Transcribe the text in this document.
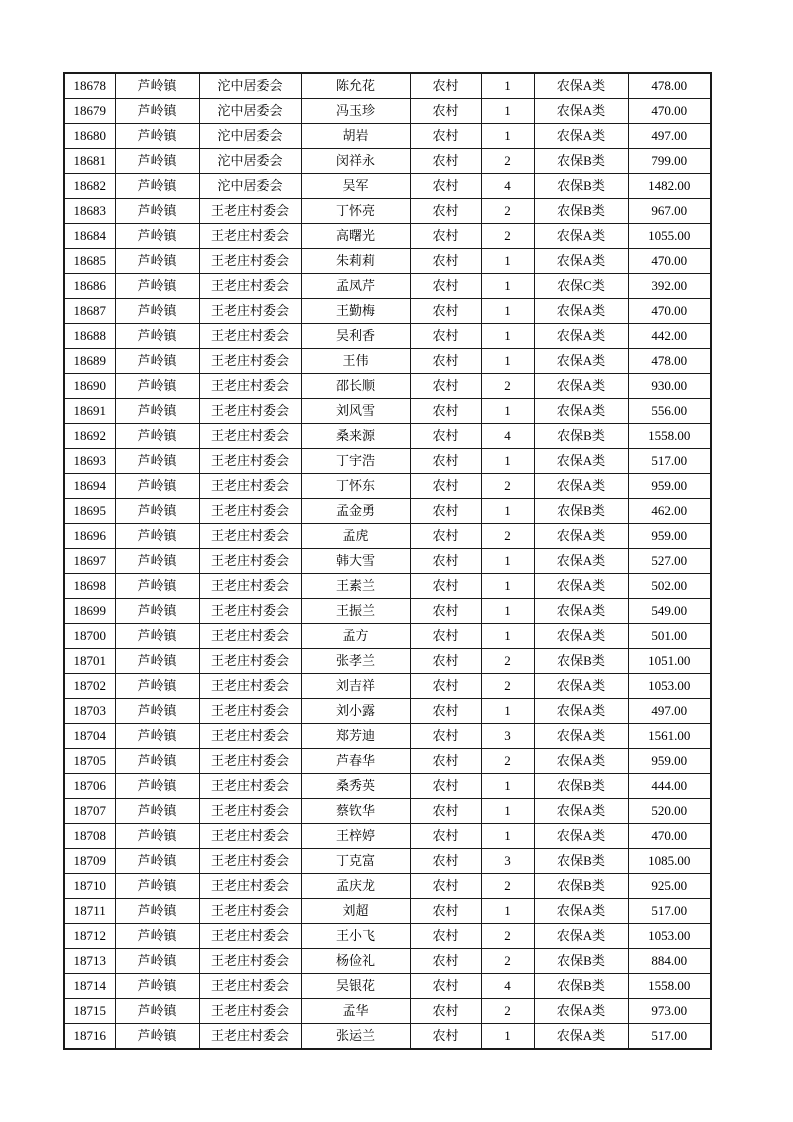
18678	芦岭镇	沱中居委会	陈允花	农村	1	农保A类	478.00
18679	芦岭镇	沱中居委会	冯玉珍	农村	1	农保A类	470.00
18680	芦岭镇	沱中居委会	胡岩	农村	1	农保A类	497.00
18681	芦岭镇	沱中居委会	闵祥永	农村	2	农保B类	799.00
18682	芦岭镇	沱中居委会	吴军	农村	4	农保B类	1482.00
18683	芦岭镇	王老庄村委会	丁怀亮	农村	2	农保B类	967.00
18684	芦岭镇	王老庄村委会	高曙光	农村	2	农保A类	1055.00
18685	芦岭镇	王老庄村委会	朱莉莉	农村	1	农保A类	470.00
18686	芦岭镇	王老庄村委会	孟凤芹	农村	1	农保C类	392.00
18687	芦岭镇	王老庄村委会	王勤梅	农村	1	农保A类	470.00
18688	芦岭镇	王老庄村委会	吴利香	农村	1	农保A类	442.00
18689	芦岭镇	王老庄村委会	王伟	农村	1	农保A类	478.00
18690	芦岭镇	王老庄村委会	邵长顺	农村	2	农保A类	930.00
18691	芦岭镇	王老庄村委会	刘风雪	农村	1	农保A类	556.00
18692	芦岭镇	王老庄村委会	桑来源	农村	4	农保B类	1558.00
18693	芦岭镇	王老庄村委会	丁宇浩	农村	1	农保A类	517.00
18694	芦岭镇	王老庄村委会	丁怀东	农村	2	农保A类	959.00
18695	芦岭镇	王老庄村委会	孟金勇	农村	1	农保B类	462.00
18696	芦岭镇	王老庄村委会	孟虎	农村	2	农保A类	959.00
18697	芦岭镇	王老庄村委会	韩大雪	农村	1	农保A类	527.00
18698	芦岭镇	王老庄村委会	王素兰	农村	1	农保A类	502.00
18699	芦岭镇	王老庄村委会	王振兰	农村	1	农保A类	549.00
18700	芦岭镇	王老庄村委会	孟方	农村	1	农保A类	501.00
18701	芦岭镇	王老庄村委会	张孝兰	农村	2	农保B类	1051.00
18702	芦岭镇	王老庄村委会	刘吉祥	农村	2	农保A类	1053.00
18703	芦岭镇	王老庄村委会	刘小露	农村	1	农保A类	497.00
18704	芦岭镇	王老庄村委会	郑芳迪	农村	3	农保A类	1561.00
18705	芦岭镇	王老庄村委会	芦春华	农村	2	农保A类	959.00
18706	芦岭镇	王老庄村委会	桑秀英	农村	1	农保B类	444.00
18707	芦岭镇	王老庄村委会	蔡钦华	农村	1	农保A类	520.00
18708	芦岭镇	王老庄村委会	王梓婷	农村	1	农保A类	470.00
18709	芦岭镇	王老庄村委会	丁克富	农村	3	农保B类	1085.00
18710	芦岭镇	王老庄村委会	孟庆龙	农村	2	农保B类	925.00
18711	芦岭镇	王老庄村委会	刘超	农村	1	农保A类	517.00
18712	芦岭镇	王老庄村委会	王小飞	农村	2	农保A类	1053.00
18713	芦岭镇	王老庄村委会	杨俭礼	农村	2	农保B类	884.00
18714	芦岭镇	王老庄村委会	吴银花	农村	4	农保B类	1558.00
18715	芦岭镇	王老庄村委会	孟华	农村	2	农保A类	973.00
18716	芦岭镇	王老庄村委会	张运兰	农村	1	农保A类	517.00
